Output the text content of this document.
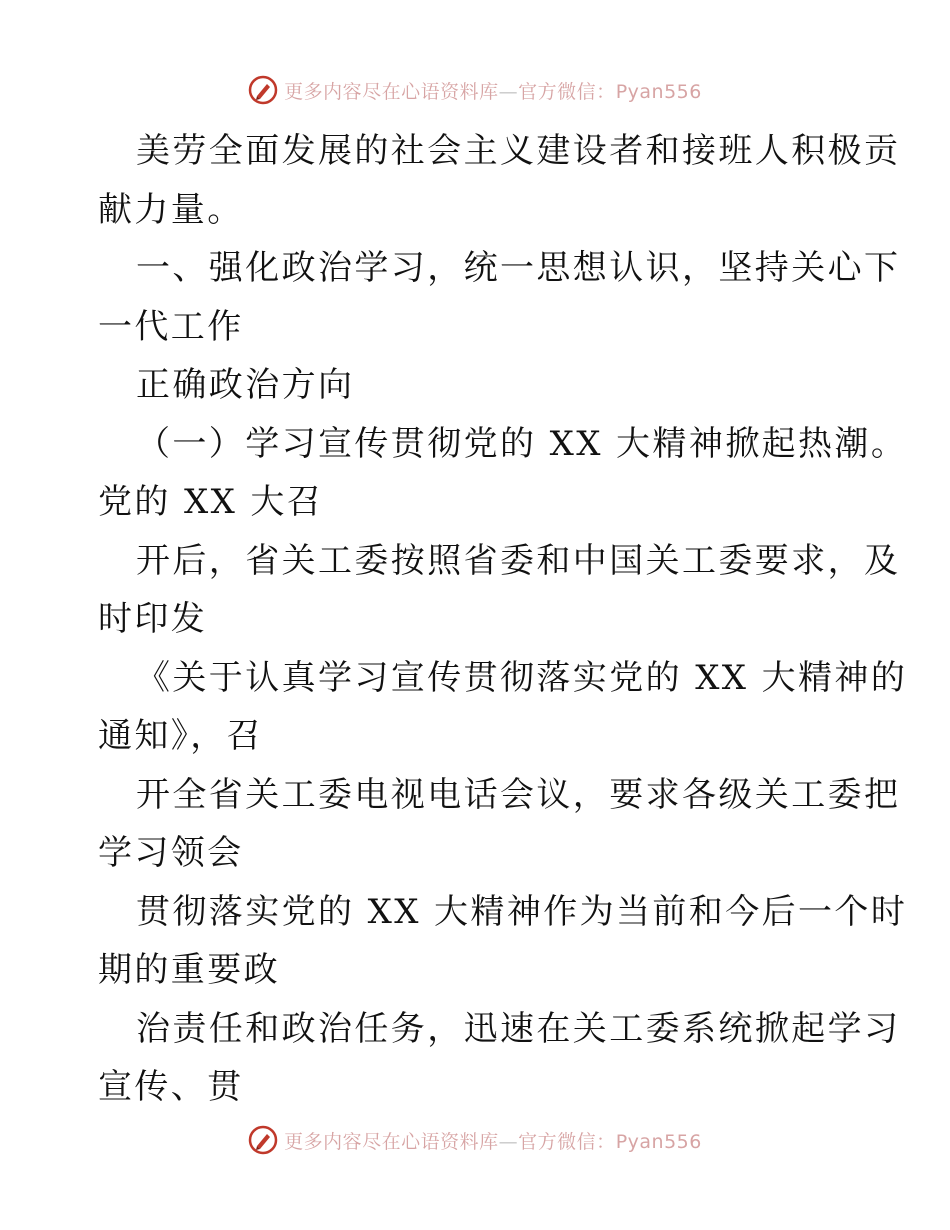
更多内容尽在心语资料库—官方微信：Pyan556
美劳全面发展的社会主义建设者和接班人积极贡
献力量。
一、强化政治学习，统一思想认识，坚持关心下
一代工作
正确政治方向
（一）学习宣传贯彻党的 XX 大精神掀起热潮。
党的 XX 大召
开后，省关工委按照省委和中国关工委要求，及
时印发
《关于认真学习宣传贯彻落实党的 XX 大精神的
通知》，召
开全省关工委电视电话会议，要求各级关工委把
学习领会
贯彻落实党的 XX 大精神作为当前和今后一个时
期的重要政
治责任和政治任务，迅速在关工委系统掀起学习
宣传、贯
更多内容尽在心语资料库—官方微信：Pyan556
